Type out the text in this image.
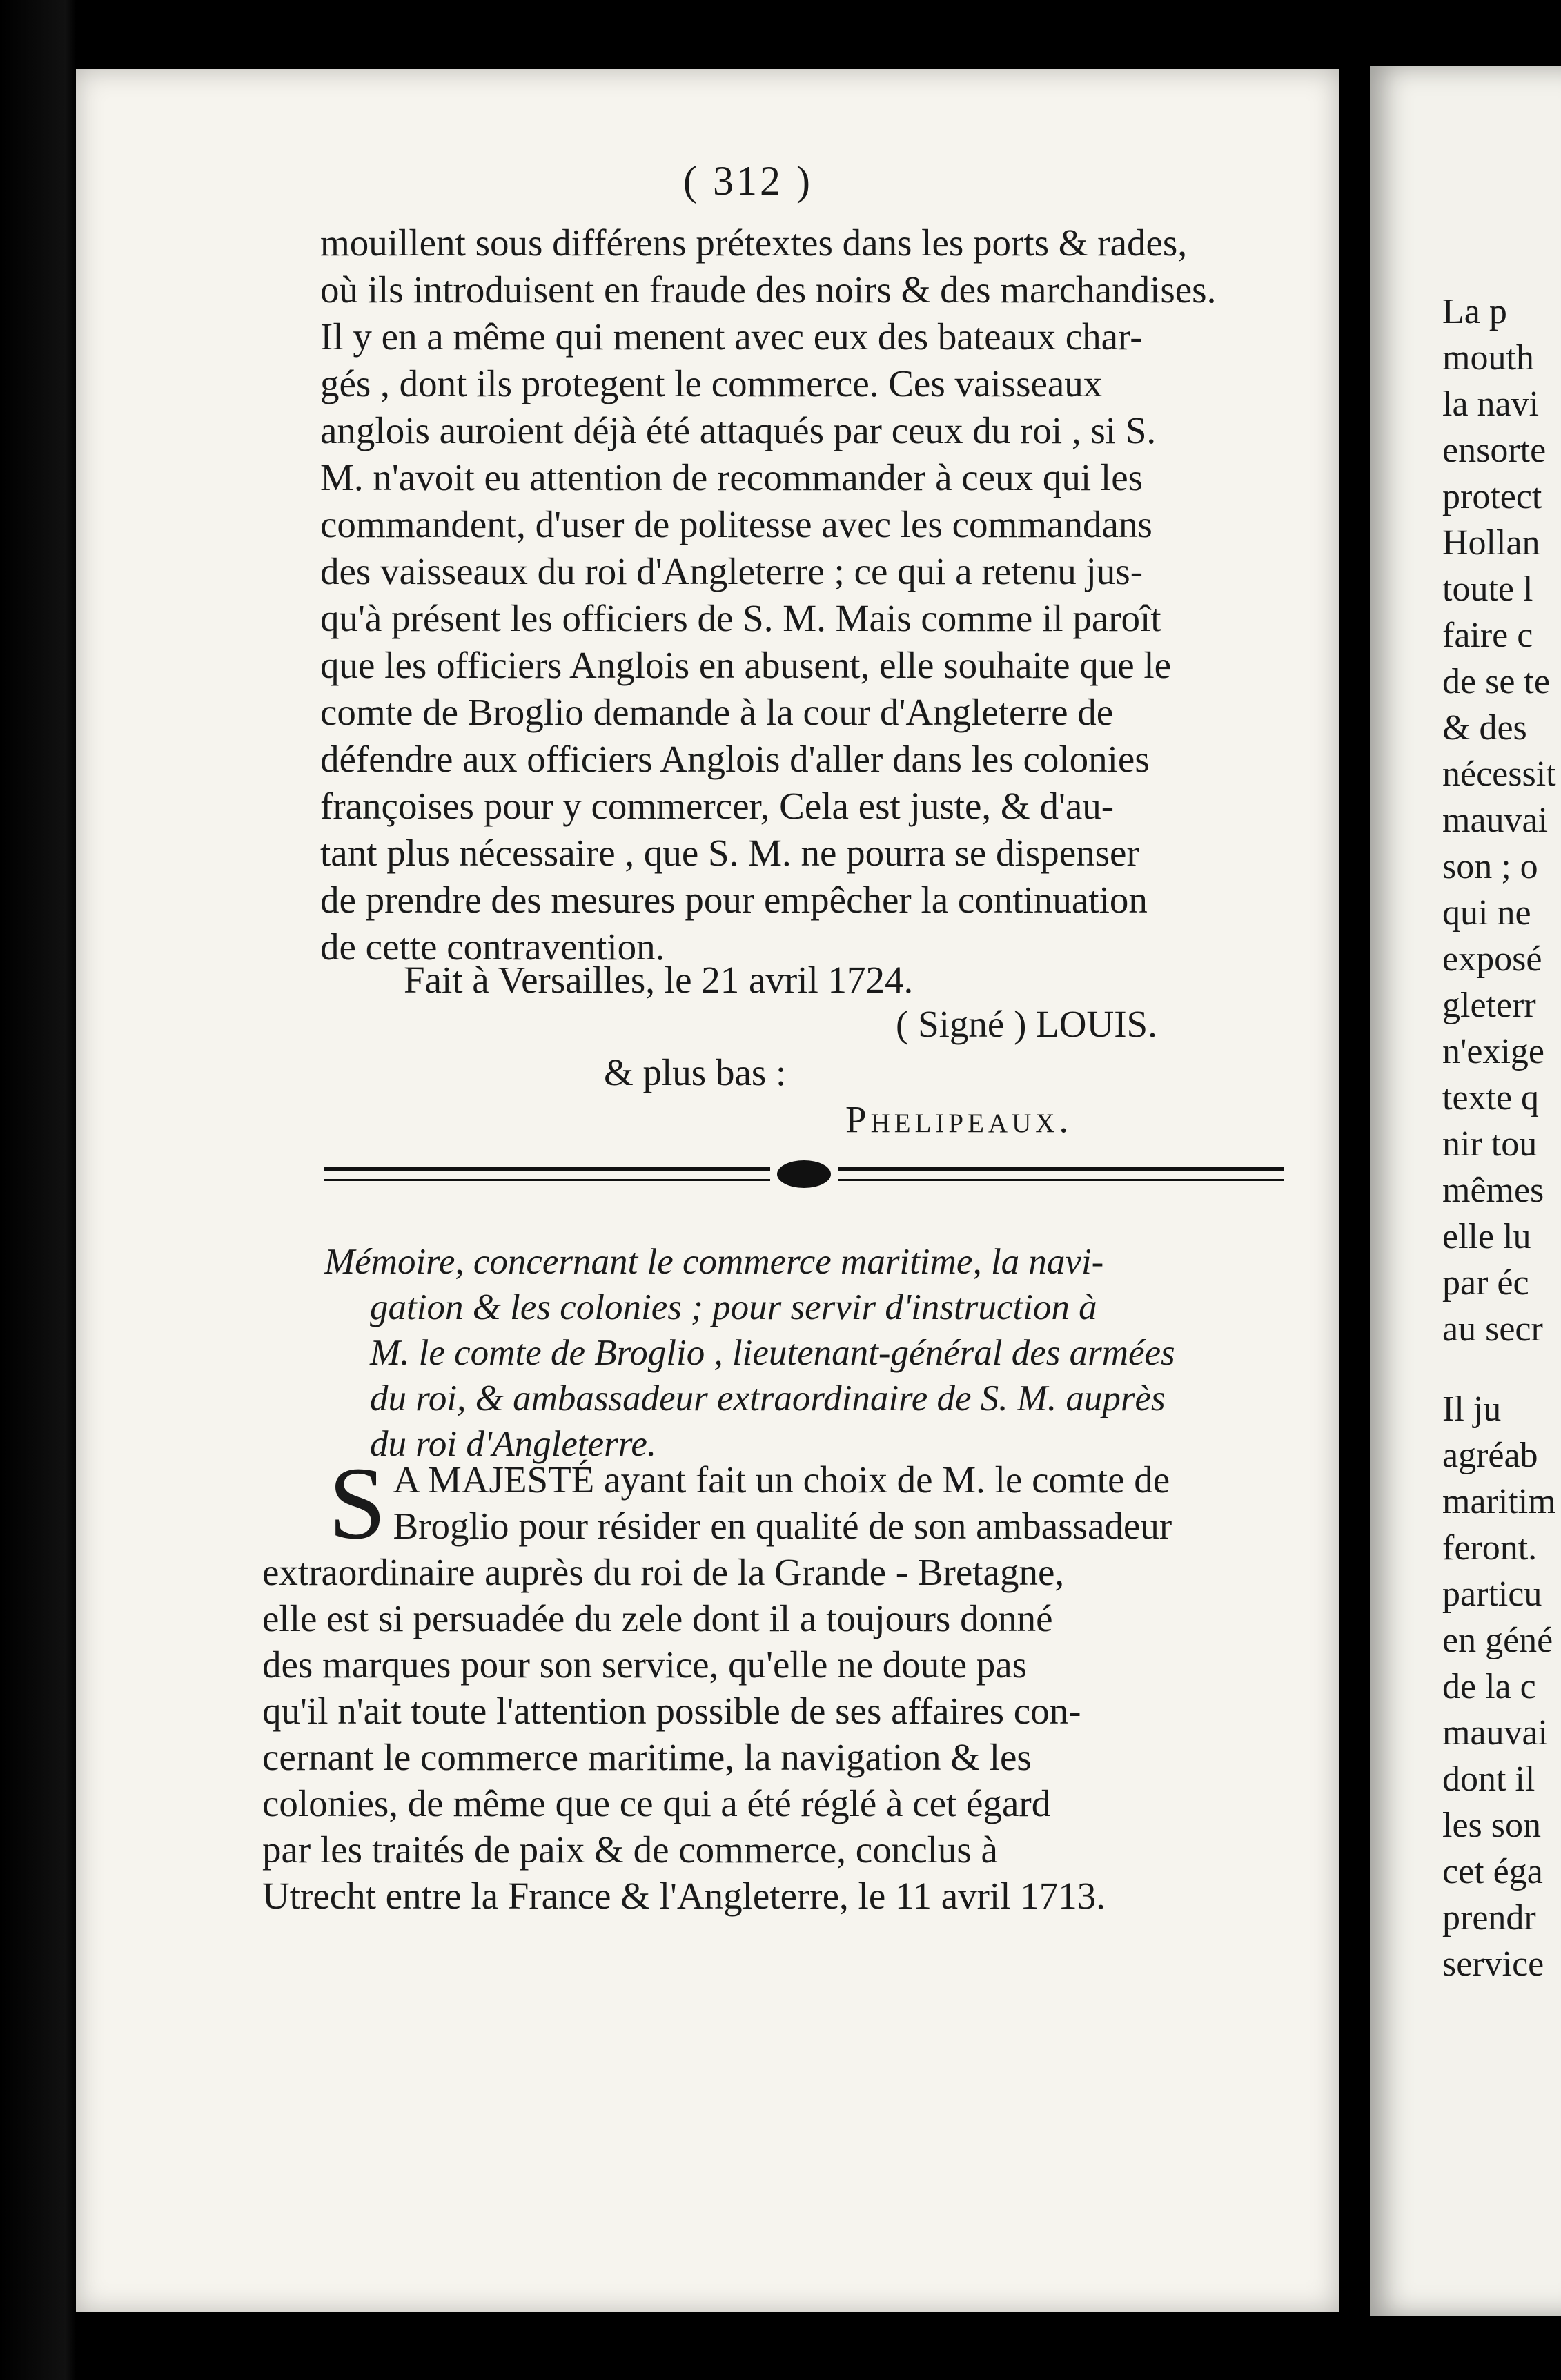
( 312 )
mouillent sous différens prétextes dans les ports & rades,
où ils introduisent en fraude des noirs & des marchandises.
Il y en a même qui menent avec eux des bateaux char-
gés , dont ils protegent le commerce. Ces vaisseaux
anglois auroient déjà été attaqués par ceux du roi , si S.
M. n'avoit eu attention de recommander à ceux qui les
commandent, d'user de politesse avec les commandans
des vaisseaux du roi d'Angleterre ; ce qui a retenu jus-
qu'à présent les officiers de S. M. Mais comme il paroît
que les officiers Anglois en abusent, elle souhaite que le
comte de Broglio demande à la cour d'Angleterre de
défendre aux officiers Anglois d'aller dans les colonies
françoises pour y commercer, Cela est juste, & d'au-
tant plus nécessaire , que S. M. ne pourra se dispenser
de prendre des mesures pour empêcher la continuation
de cette contravention.
Fait à Versailles, le 21 avril 1724.
( Signé ) LOUIS.
& plus bas :
Phelipeaux.
Mémoire, concernant le commerce maritime, la navi-
gation & les colonies ; pour servir d'instruction à
M. le comte de Broglio , lieutenant-général des armées
du roi, & ambassadeur extraordinaire de S. M. auprès
du roi d'Angleterre.
S A MAJESTÉ ayant fait un choix de M. le comte de
Broglio pour résider en qualité de son ambassadeur
extraordinaire auprès du roi de la Grande - Bretagne,
elle est si persuadée du zele dont il a toujours donné
des marques pour son service, qu'elle ne doute pas
qu'il n'ait toute l'attention possible de ses affaires con-
cernant le commerce maritime, la navigation & les
colonies, de même que ce qui a été réglé à cet égard
par les traités de paix & de commerce, conclus à
Utrecht entre la France & l'Angleterre, le 11 avril 1713.
La p
mouth
la navi
ensorte
protect
Hollan
toute l
faire c
de se te
& des
nécessit
mauvai
son ; o
qui ne
exposé
gleterr
n'exige
texte q
nir tou
mêmes
elle lu
par éc
au secr
Il ju
agréab
maritim
feront.
particu
en géné
de la c
mauvai
dont il
les son
cet éga
prendr
service
